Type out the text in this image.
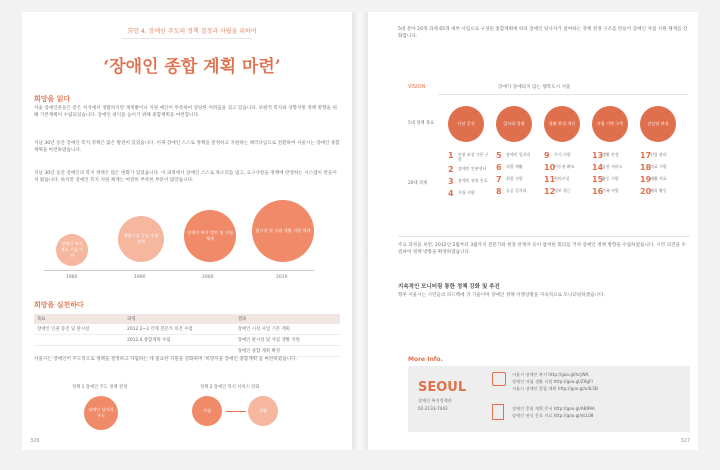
희망 4. 장애인 주도의 정책 결정과 자립을 위하여
‘장애인 종합 계획 마련’
희망을 읽다
서울 장애인분들은 같은 처지에서 생활하지만 재개발이나 지원 예산이 부족하여 상당한 어려움을 겪고 있습니다. 보편적 복지와 상향지원 정책 방향을 위해 기본계획이 수립되었습니다. 장애인 권익을 높이기 위해 종합계획을 마련합니다.
지난 30년 동안 장애인 복지 정책은 많은 발전이 있었습니다. 이제 장애인 스스로 정책을 결정하고 지원하는 패러다임으로 전환하여 서울시는 장애인 종합 계획을 마련하였습니다.
지난 30년 동안 장애인의 복지 정책은 많은 변화가 있었습니다. 이 과정에서 장애인 스스로 목소리를 냈고, 요구사항을 정책에 반영하는 시스템이 만들어져 왔습니다. 하지만 장애인 복지 지원 체계는 여전히 부족한 부분이 많았습니다.
장애인 복지 제도 기틀 마련
생활시설 중심 수용 정책
장애인 복지 법안 및 지원 체계
탈시설 및 자립 생활 지원 체계
1980	1990	2000	2010
희망을 실천하다
목표	과정	결과
장애인 인권 증진 및 탈시설	2012.2~3 각계 전문가 의견 수렴	장애인 시설 사업 기본 계획
	2012.4 종합계획 수립	장애인 탈시설 및 자립 생활 지원
		장애인 종합 계획 확정
서울시는 장애인이 주도적으로 정책을 결정하고 자립하는 데 필요한 지원을 강화하며 ‘희망서울 장애인 종합계획’을 마련하였습니다.
정책 1 장애인 주도 정책 결정
장애인 당사자 주도
정책 2 장애인 복지 서비스 강화
자립	자활
326
5대 분야 20개 과제 65개 세부 사업으로 구성된 종합계획에 따라 장애인 당사자가 참여하는 정책 결정 구조를 만들어 장애인 자립 지원 체계를 강화합니다.
VISION	장애가 장애되지 않는 행복도시 서울
5대 정책 목표	인권 증진	일자리 창출	생활 환경 개선	자립 기반 구축	건강권 보장
20대 과제
1	인권 보장 기본 구축
2	장애인 인권센터
3	장애인 권익 옹호
4	자립 지원
5	장애인 일자리
6	직업 재활
7	취업 지원
8	공공 일자리
9	주거 지원
10
이동권 확보
11
편의시설
12
정보 접근
13
생활 안정
14
돌봄 서비스
15
활동 지원
16
가족 지원
17
건강 관리
18
의료 지원
19
재활 치료
20
체육 활동
주요 과정을 보면, 2012년 2월부터 3월까지 전문가와 현장 관계자 등이 참여한 회의를 거쳐 장애인 정책 방향을 수립하였습니다. 시민 의견을 수렴하여 정책 방향을 확정하였습니다.
지속적인 모니터링 통한 정책 강화 및 추진
향후 서울시는 시민들의 피드백에 귀 기울이며 장애인 정책 이행상황을 지속적으로 모니터링하겠습니다.
More Info.
SEOUL
장애인 복지정책과
02-2133-7443
서울시 장애인 복지 http://goo.gl/hcJWA
장애인 자립 생활 지원 http://goo.gl/Z9gFI
서울시 장애인 종합 계획 http://goo.gl/x4L5B
장애인 종합 계획 문서 http://goo.gl/AB99A
장애인 권익 옹호 자료 http://goo.gl/dcL08
327
